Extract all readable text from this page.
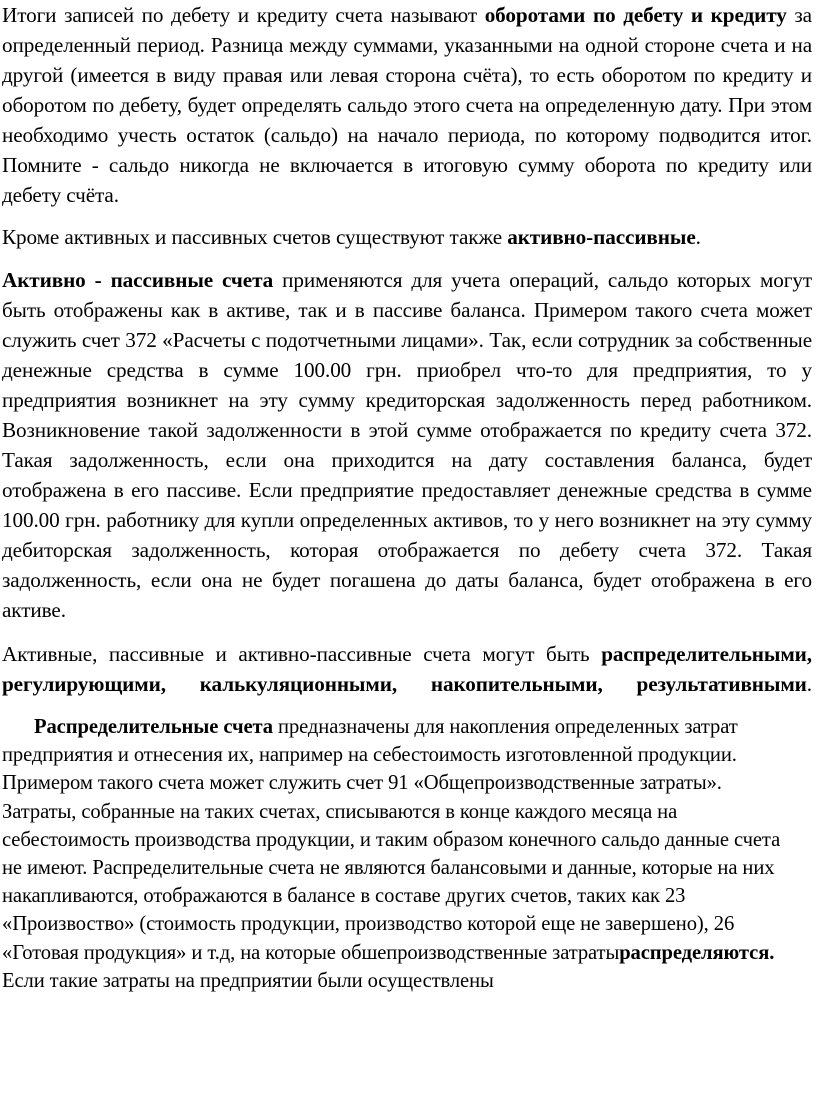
Итоги записей по дебету и кредиту счета называют оборотами по дебету и кредиту за определенный период. Разница между суммами, указанными на одной стороне счета и на другой (имеется в виду правая или левая сторона счёта), то есть оборотом по кредиту и оборотом по дебету, будет определять сальдо этого счета на определенную дату. При этом необходимо учесть остаток (сальдо) на начало периода, по которому подводится итог. Помните - сальдо никогда не включается в итоговую сумму оборота по кредиту или дебету счёта.

Кроме активных и пассивных счетов существуют также активно-пассивные.

Активно - пассивные счета применяются для учета операций, сальдо которых могут быть отображены как в активе, так и в пассиве баланса. Примером такого счета может служить счет 372 «Расчеты с подотчетными лицами». Так, если сотрудник за собственные денежные средства в сумме 100.00 грн. приобрел что-то для предприятия, то у предприятия возникнет на эту сумму кредиторская задолженность перед работником. Возникновение такой задолженности в этой сумме отображается по кредиту счета 372. Такая задолженность, если она приходится на дату составления баланса, будет отображена в его пассиве. Если предприятие предоставляет денежные средства в сумме 100.00 грн. работнику для купли определенных активов, то у него возникнет на эту сумму дебиторская задолженность, которая отображается по дебету счета 372. Такая задолженность, если она не будет погашена до даты баланса, будет отображена в его активе.

Активные, пассивные и активно-пассивные счета могут быть распределительными, регулирующими, калькуляционными, накопительными, результативными.

Распределительные счета предназначены для накопления определенных затрат предприятия и отнесения их, например на себестоимость изготовленной продукции. Примером такого счета может служить счет 91 «Общепроизводственные затраты». Затраты, собранные на таких счетах, списываются в конце каждого месяца на себестоимость производства продукции, и таким образом конечного сальдо данные счета не имеют. Распределительные счета не являются балансовыми и данные, которые на них накапливаются, отображаются в балансе в составе других счетов, таких как 23 «Произвоство» (стоимость продукции, производство которой еще не завершено), 26 «Готовая продукция» и т.д, на которые обшепроизводственные затратыраспределяются. Если такие затраты на предприятии были осуществлены
